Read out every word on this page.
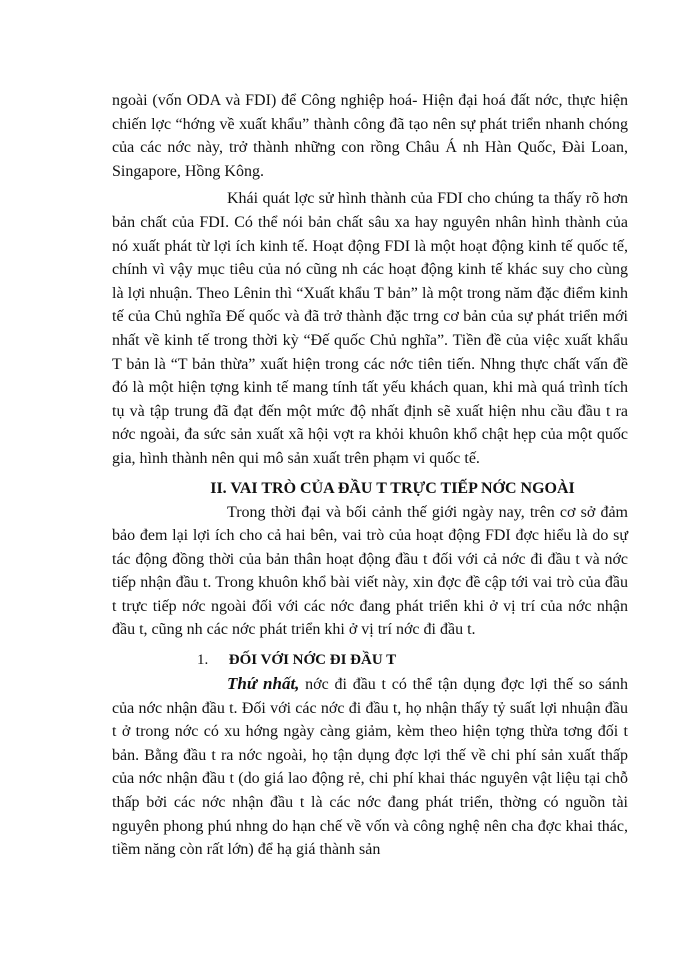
ngoài (vốn ODA và FDI) để Công nghiệp hoá- Hiện đại hoá đất nớc, thực hiện chiến lợc “hớng về xuất khẩu” thành công đã tạo nên sự phát triển nhanh chóng của các nớc này, trở thành những con rồng Châu Á nh Hàn Quốc, Đài Loan, Singapore, Hồng Kông.

Khái quát lợc sử hình thành của FDI cho chúng ta thấy rõ hơn bản chất của FDI. Có thể nói bản chất sâu xa hay nguyên nhân hình thành của nó xuất phát từ lợi ích kinh tế. Hoạt động FDI là một hoạt động kinh tế quốc tế, chính vì vậy mục tiêu của nó cũng nh các hoạt động kinh tế khác suy cho cùng là lợi nhuận. Theo Lênin thì “Xuất khẩu T bản” là một trong năm đặc điểm kinh tế của Chủ nghĩa Đế quốc và đã trở thành đặc trng cơ bản của sự phát triển mới nhất về kinh tế trong thời kỳ “Đế quốc Chủ nghĩa”. Tiền đề của việc xuất khẩu T bản là “T bản thừa” xuất hiện trong các nớc tiên tiến. Nhng thực chất vấn đề đó là một hiện tợng kinh tế mang tính tất yếu khách quan, khi mà quá trình tích tụ và tập trung đã đạt đến một mức độ nhất định sẽ xuất hiện nhu cầu đầu t ra nớc ngoài, đa sức sản xuất xã hội vợt ra khỏi khuôn khổ chật hẹp của một quốc gia, hình thành nên qui mô sản xuất trên phạm vi quốc tế.

II. VAI TRÒ CỦA ĐẦU T TRỰC TIẾP NỚC NGOÀI

Trong thời đại và bối cảnh thế giới ngày nay, trên cơ sở đảm bảo đem lại lợi ích cho cả hai bên, vai trò của hoạt động FDI đợc hiểu là do sự tác động đồng thời của bản thân hoạt động đầu t đối với cả nớc đi đầu t và nớc tiếp nhận đầu t. Trong khuôn khổ bài viết này, xin đợc đề cập tới vai trò của đầu t trực tiếp nớc ngoài đối với các nớc đang phát triển khi ở vị trí của nớc nhận đầu t, cũng nh các nớc phát triển khi ở vị trí nớc đi đầu t.

1. ĐỐI VỚI NỚC ĐI ĐẦU T

Thứ nhất, nớc đi đầu t có thể tận dụng đợc lợi thế so sánh của nớc nhận đầu t. Đối với các nớc đi đầu t, họ nhận thấy tỷ suất lợi nhuận đầu t ở trong nớc có xu hớng ngày càng giảm, kèm theo hiện tợng thừa tơng đối t bản. Bằng đầu t ra nớc ngoài, họ tận dụng đợc lợi thế về chi phí sản xuất thấp của nớc nhận đầu t (do giá lao động rẻ, chi phí khai thác nguyên vật liệu tại chỗ thấp bởi các nớc nhận đầu t là các nớc đang phát triển, thờng có nguồn tài nguyên phong phú nhng do hạn chế về vốn và công nghệ nên cha đợc khai thác, tiềm năng còn rất lớn) để hạ giá thành sản
